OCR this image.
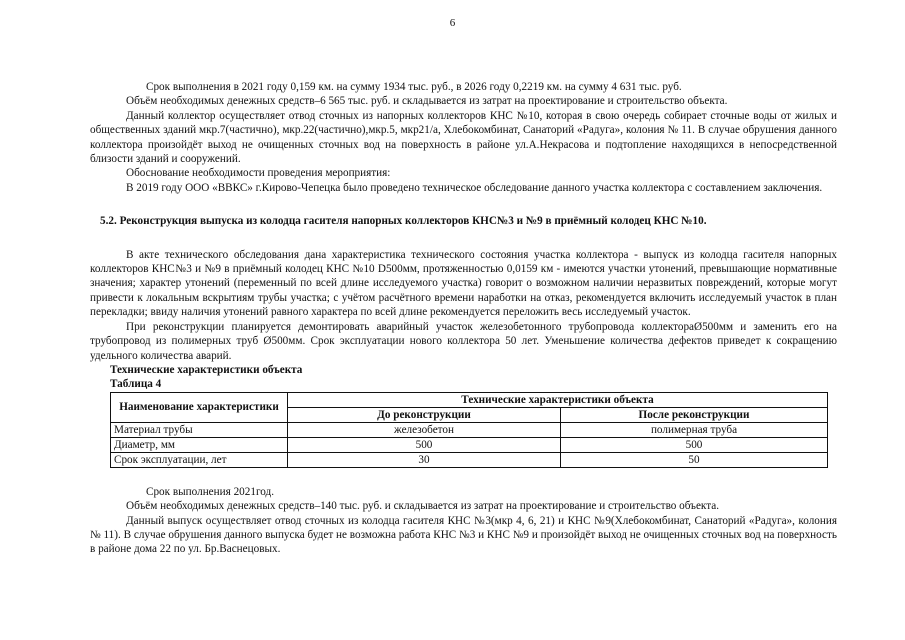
6

Срок выполнения в 2021 году 0,159 км. на сумму 1934 тыс. руб., в 2026 году 0,2219 км. на сумму 4 631 тыс. руб.

Объём необходимых денежных средств–6 565 тыс. руб. и складывается из затрат на проектирование и строительство объекта.

Данный коллектор осуществляет отвод сточных из напорных коллекторов КНС №10, которая в свою очередь собирает сточные воды от жилых и общественных зданий мкр.7(частично), мкр.22(частично),мкр.5, мкр21/а, Хлебокомбинат, Санаторий «Радуга», колония № 11. В случае обрушения данного коллектора произойдёт выход не очищенных сточных вод на поверхность в районе ул.А.Некрасова и подтопление находящихся в непосредственной близости зданий и сооружений.

Обоснование необходимости проведения мероприятия:

В 2019 году ООО «ВВКС» г.Кирово-Чепецка было проведено техническое обследование данного участка коллектора с составлением заключения.

5.2. Реконструкция выпуска из колодца гасителя напорных коллекторов КНС№3 и №9 в приёмный колодец КНС №10.

В акте технического обследования дана характеристика технического состояния участка коллектора - выпуск из колодца гасителя напорных коллекторов КНС№3 и №9 в приёмный колодец КНС №10 D500мм, протяженностью 0,0159 км - имеются участки утонений, превышающие нормативные значения; характер утонений (переменный по всей длине исследуемого участка) говорит о возможном наличии неразвитых повреждений, которые могут привести к локальным вскрытиям трубы участка; с учётом расчётного времени наработки на отказ, рекомендуется включить исследуемый участок в план перекладки; ввиду наличия утонений равного характера по всей длине рекомендуется переложить весь исследуемый участок.

При реконструкции планируется демонтировать аварийный участок железобетонного трубопровода коллектораØ500мм и заменить его на трубопровод из полимерных труб Ø500мм. Срок эксплуатации нового коллектора 50 лет. Уменьшение количества дефектов приведет к сокращению удельного количества аварий.

Технические характеристики объекта

Таблица 4

Наименование характеристики	Технические характеристики объекта	
	До реконструкции	После реконструкции
Материал трубы	железобетон	полимерная труба
Диаметр, мм	500	500
Срок эксплуатации, лет	30	50

Срок выполнения 2021год.

Объём необходимых денежных средств–140 тыс. руб. и складывается из затрат на проектирование и строительство объекта.

Данный выпуск осуществляет отвод сточных из колодца гасителя КНС №3(мкр 4, 6, 21) и КНС №9(Хлебокомбинат, Санаторий «Радуга», колония № 11). В случае обрушения данного выпуска будет не возможна работа КНС №3 и КНС №9 и произойдёт выход не очищенных сточных вод на поверхность в районе дома 22 по ул. Бр.Васнецовых.
